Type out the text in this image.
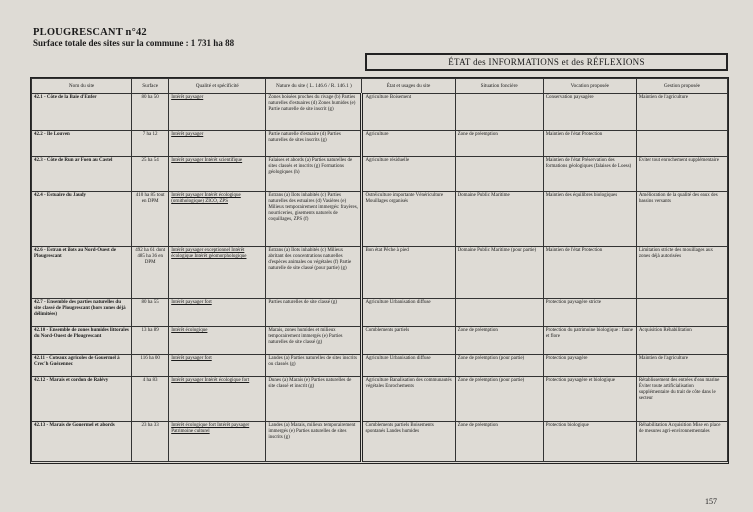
PLOUGRESCANT n°42
Surface totale des sites sur la commune : 1 731 ha 88
ÉTAT des INFORMATIONS et des RÉFLEXIONS
Nom du site	Surface	Qualité et spécificité	Nature du site ( L. 146.6 / R. 146.1 )	État et usages du site	Situation foncière	Vocation proposée	Gestion proposée
42.1 - Côte de la Baie d'Enfer	80 ha 50	Intérêt paysager	Zones boisées proches du rivage (b) Parties naturelles d'estuaires (d) Zones humides (e) Partie naturelle de site inscrit (g)	Agriculture Boisement		Conservation paysagère	Maintien de l'agriculture
42.2 - Ile Louven	7 ha 12	Intérêt paysager	Partie naturelle d'estuaire (d) Parties naturelles de sites inscrits (g)	Agriculture	Zone de préemption	Maintien de l'état Protection	
42.3 - Côte de Run ar Foen au Castel	25 ha 54	Intérêt paysager Intérêt scientifique	Falaises et abords (a) Parties naturelles de sites classés et inscrits (g) Formations géologiques (h)	Agriculture résiduelle		Maintien de l'état Préservation des formations géologiques (falaises de Loess)	Éviter tout enrochement supplémentaire
42.4 - Estuaire du Jaudy	410 ha 85 tout en DPM	Intérêt paysager Intérêt écologique (ornithologique) ZICO, ZPS	Estrans (a) Ilots inhabités (c) Parties naturelles des estuaires (d) Vasières (e) Milieux temporairement immergés: frayères, nourriceries, gisements naturels de coquillages, ZPS (f)	Ostréiculture importante Vénériculture Mouillages organisés	Domaine Public Maritime	Maintien des équilibres biologiques	Amélioration de la qualité des eaux des bassins versants
42.6 - Estran et îlots au Nord-Ouest de Plougrescant	492 ha 61 dont 485 ha 36 en DPM	Intérêt paysager exceptionnel Intérêt écologique Intérêt géomorphologique	Estrans (a) Ilots inhabités (c) Milieux abritant des concentrations naturelles d'espèces animales ou végétales (f) Partie naturelle de site classé (pour partie) (g)	Bon état Pêche à pied	Domaine Public Maritime (pour partie)	Maintien de l'état Protection	Limitation stricte des mouillages aux zones déjà autorisées
42.7 - Ensemble des parties naturelles du site classé de Plougrescant (hors zones déjà délimitées)	80 ha 55	Intérêt paysager fort	Parties naturelles de site classé (g)	Agriculture Urbanisation diffuse		Protection paysagère stricte	
42.10 - Ensemble de zones humides littorales du Nord-Ouest de Plougrescant	13 ha 89	Intérêt écologique	Marais, zones humides et milieux temporairement immergés (e) Parties naturelles de site classé (g)	Comblements partiels	Zone de préemption	Protection du patrimoine biologique : faune et flore	Acquisition Réhabilitation
42.11 - Coteaux agricoles de Gouermel à Crec'h Guézennec	116 ha 00	Intérêt paysager fort	Landes (a) Parties naturelles de sites inscrits ou classés (g)	Agriculture Urbanisation diffuse	Zone de préemption (pour partie)	Protection paysagère	Maintien de l'agriculture
42.12 - Marais et cordon de Ralévy	4 ha 83	Intérêt paysager Intérêt écologique fort	Dunes (a) Marais (e) Parties naturelles de site classé et inscrit (g)	Agriculture Banalisation des communautés végétales Enrochements	Zone de préemption (pour partie)	Protection paysagère et biologique	Rétablissement des entrées d'eau marine Éviter toute artificialisation supplémentaire du trait de côte dans le secteur
42.13 - Marais de Gouermel et abords	23 ha 33	Intérêt écologique fort Intérêt paysager Patrimoine culturel	Landes (a) Marais, milieux temporairement immergés (e) Parties naturelles de sites inscrits (g)	Comblements partiels Boisements spontanés Landes humides	Zone de préemption	Protection biologique	Réhabilitation Acquisition Mise en place de mesures agri-environnementales
157
